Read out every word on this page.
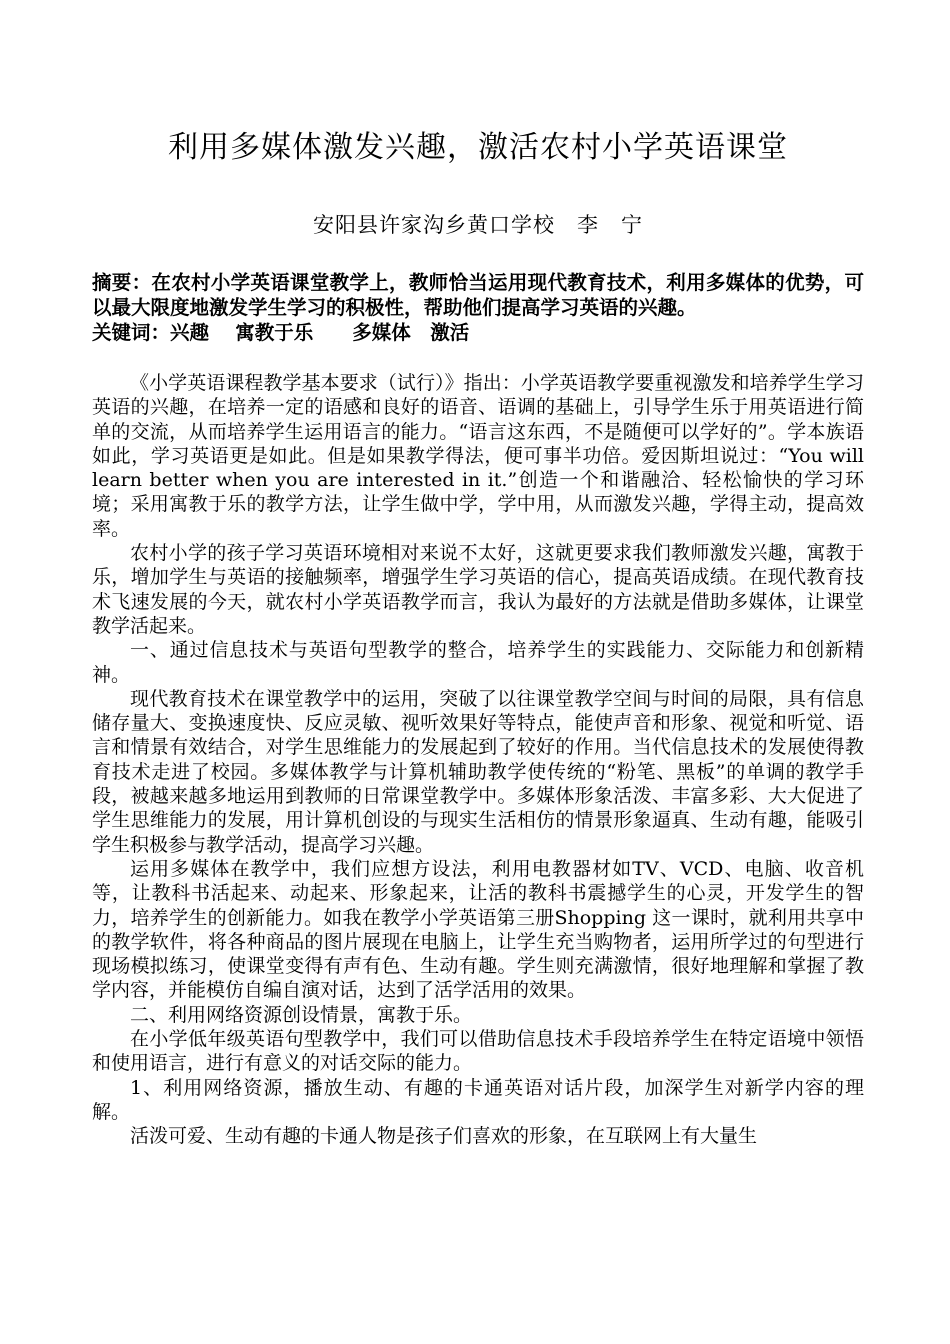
利用多媒体激发兴趣，激活农村小学英语课堂
安阳县许家沟乡黄口学校　李　宁

摘要：在农村小学英语课堂教学上，教师恰当运用现代教育技术，利用多媒体的优势，可以最大限度地激发学生学习的积极性，帮助他们提高学习英语的兴趣。

关键词：兴趣　 寓教于乐　　多媒体　激活

《小学英语课程教学基本要求（试行）》指出：小学英语教学要重视激发和培养学生学习英语的兴趣，在培养一定的语感和良好的语音、语调的基础上，引导学生乐于用英语进行简单的交流，从而培养学生运用语言的能力。“语言这东西，不是随便可以学好的”。学本族语如此，学习英语更是如此。但是如果教学得法，便可事半功倍。爱因斯坦说过：“You will learn better when you are interested in it.”创造一个和谐融洽、轻松愉快的学习环境；采用寓教于乐的教学方法，让学生做中学，学中用，从而激发兴趣，学得主动，提高效率。

农村小学的孩子学习英语环境相对来说不太好，这就更要求我们教师激发兴趣，寓教于乐，增加学生与英语的接触频率，增强学生学习英语的信心，提高英语成绩。在现代教育技术飞速发展的今天，就农村小学英语教学而言，我认为最好的方法就是借助多媒体，让课堂教学活起来。

一、通过信息技术与英语句型教学的整合，培养学生的实践能力、交际能力和创新精神。

现代教育技术在课堂教学中的运用，突破了以往课堂教学空间与时间的局限，具有信息储存量大、变换速度快、反应灵敏、视听效果好等特点，能使声音和形象、视觉和听觉、语言和情景有效结合，对学生思维能力的发展起到了较好的作用。当代信息技术的发展使得教育技术走进了校园。多媒体教学与计算机辅助教学使传统的“粉笔、黑板”的单调的教学手段，被越来越多地运用到教师的日常课堂教学中。多媒体形象活泼、丰富多彩、大大促进了学生思维能力的发展，用计算机创设的与现实生活相仿的情景形象逼真、生动有趣，能吸引学生积极参与教学活动，提高学习兴趣。

运用多媒体在教学中，我们应想方设法，利用电教器材如TV、VCD、电脑、收音机等，让教科书活起来、动起来、形象起来，让活的教科书震撼学生的心灵，开发学生的智力，培养学生的创新能力。如我在教学小学英语第三册Shopping 这一课时，就利用共享中的教学软件，将各种商品的图片展现在电脑上，让学生充当购物者，运用所学过的句型进行现场模拟练习，使课堂变得有声有色、生动有趣。学生则充满激情，很好地理解和掌握了教学内容，并能模仿自编自演对话，达到了活学活用的效果。

二、利用网络资源创设情景，寓教于乐。

在小学低年级英语句型教学中，我们可以借助信息技术手段培养学生在特定语境中领悟和使用语言，进行有意义的对话交际的能力。

1、利用网络资源，播放生动、有趣的卡通英语对话片段，加深学生对新学内容的理解。

活泼可爱、生动有趣的卡通人物是孩子们喜欢的形象，在互联网上有大量生
